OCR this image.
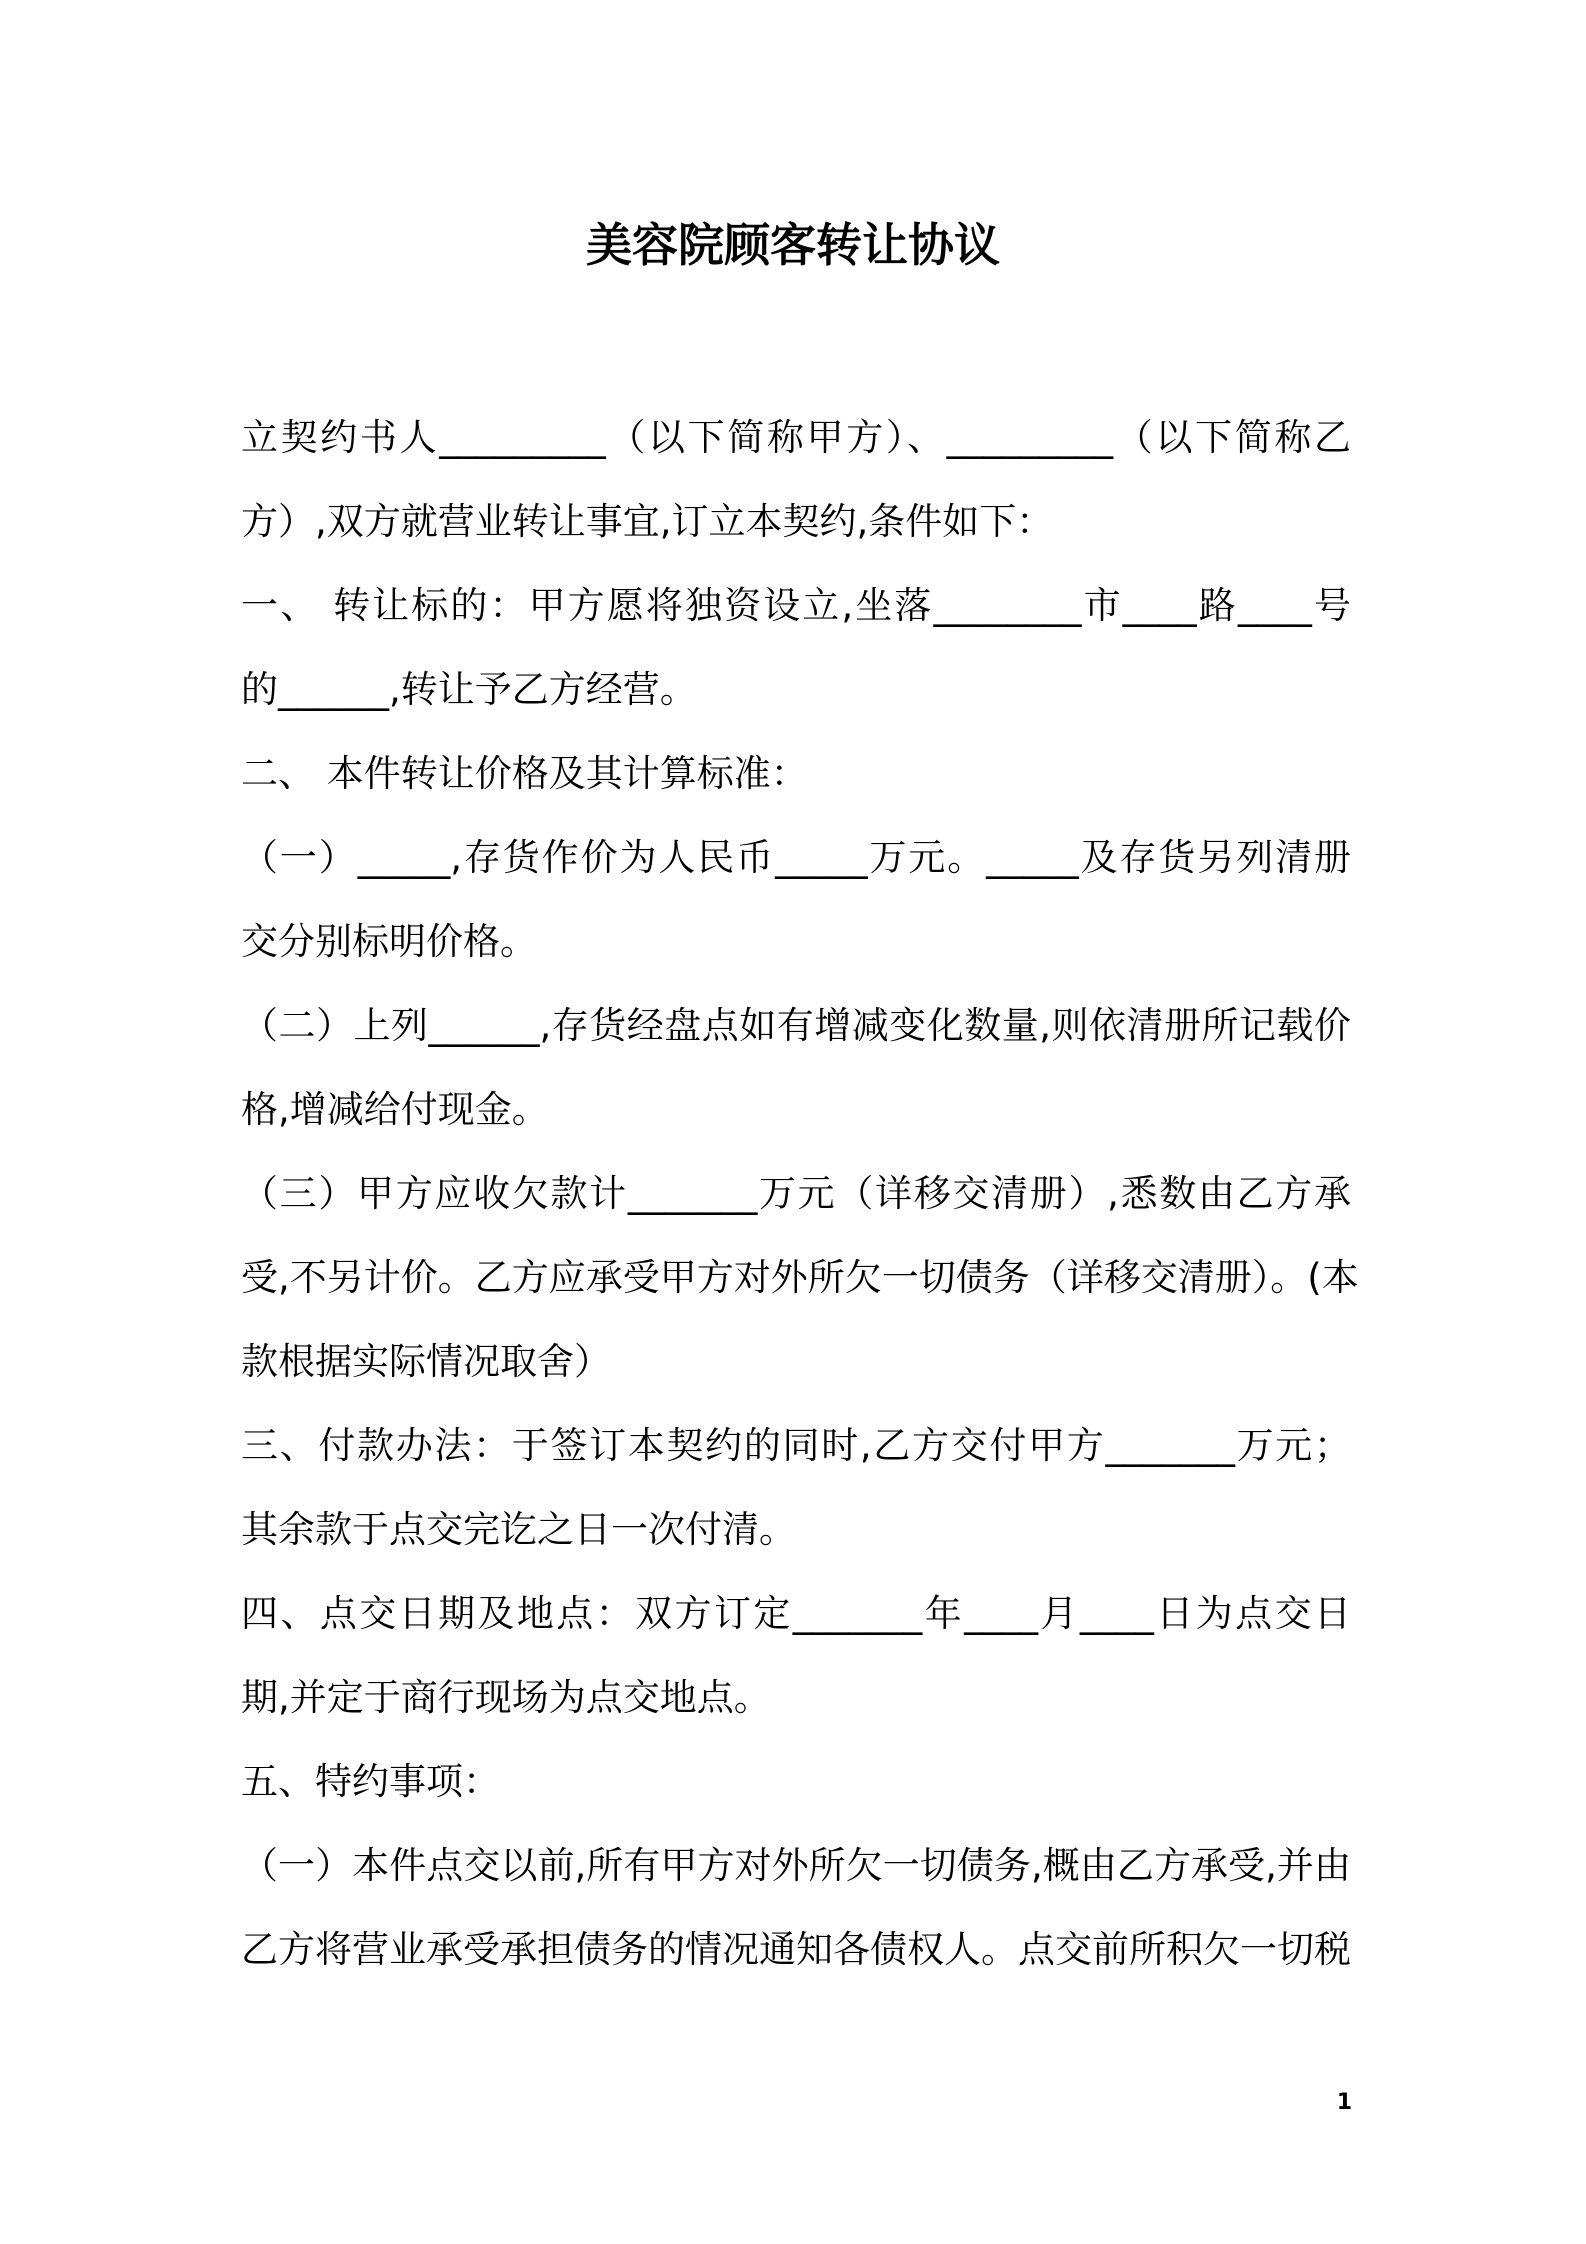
美容院顾客转让协议
立契约书人_________（以下简称甲方）、_________（以下简称乙
方）,双方就营业转让事宜,订立本契约,条件如下：
一、 转让标的：甲方愿将独资设立,坐落________市____路____号
的______,转让予乙方经营。
二、 本件转让价格及其计算标准：
（一）_____,存货作价为人民币_____万元。_____及存货另列清册
交分别标明价格。
（二）上列______,存货经盘点如有增减变化数量,则依清册所记载价
格,增减给付现金。
（三）甲方应收欠款计_______万元（详移交清册）,悉数由乙方承
受,不另计价。乙方应承受甲方对外所欠一切债务（详移交清册）。(本
款根据实际情况取舍）
三、付款办法：于签订本契约的同时,乙方交付甲方_______万元；
其余款于点交完讫之日一次付清。
四、点交日期及地点：双方订定_______年____月____日为点交日
期,并定于商行现场为点交地点。
五、特约事项：
（一）本件点交以前,所有甲方对外所欠一切债务,概由乙方承受,并由
乙方将营业承受承担债务的情况通知各债权人。点交前所积欠一切税
1
